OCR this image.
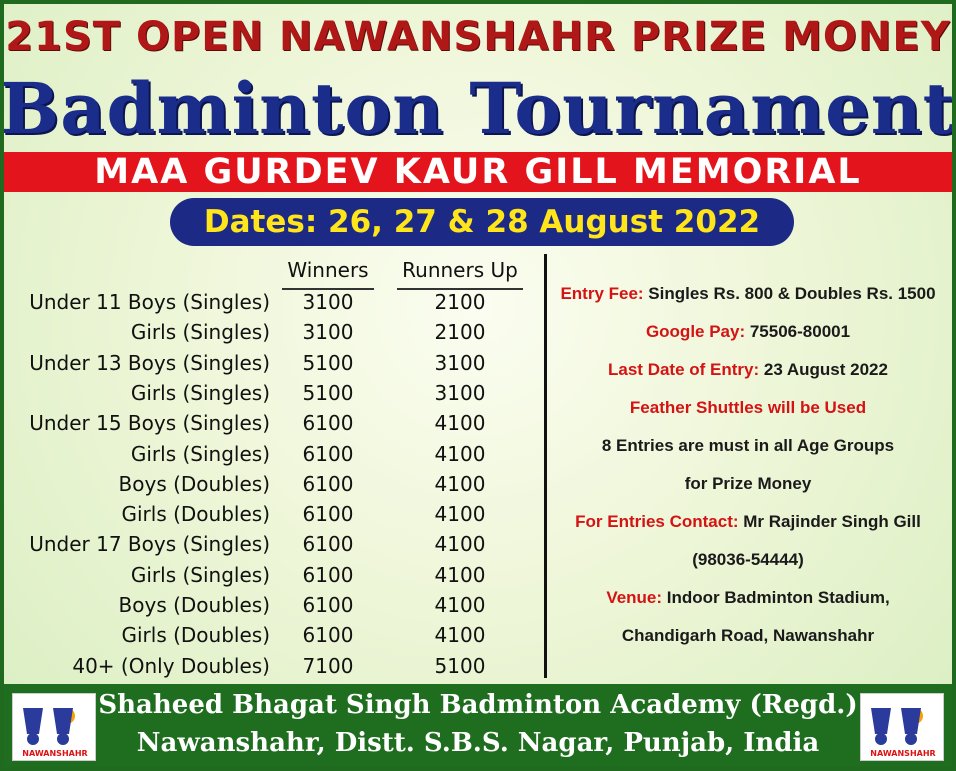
21ST OPEN NAWANSHAHR PRIZE MONEY
Badminton Tournament
MAA GURDEV KAUR GILL MEMORIAL
Dates: 26, 27 & 28 August 2022
Winners	Runners Up
Under 11 Boys (Singles)	3100	2100
Girls (Singles)	3100	2100
Under 13 Boys (Singles)	5100	3100
Girls (Singles)	5100	3100
Under 15 Boys (Singles)	6100	4100
Girls (Singles)	6100	4100
Boys (Doubles)	6100	4100
Girls (Doubles)	6100	4100
Under 17 Boys (Singles)	6100	4100
Girls (Singles)	6100	4100
Boys (Doubles)	6100	4100
Girls (Doubles)	6100	4100
40+ (Only Doubles)	7100	5100
Entry Fee: Singles Rs. 800 & Doubles Rs. 1500
Google Pay: 75506-80001
Last Date of Entry: 23 August 2022
Feather Shuttles will be Used
8 Entries are must in all Age Groups
for Prize Money
For Entries Contact: Mr Rajinder Singh Gill
(98036-54444)
Venue: Indoor Badminton Stadium,
Chandigarh Road, Nawanshahr
Shaheed Bhagat Singh Badminton Academy (Regd.)
Nawanshahr, Distt. S.B.S. Nagar, Punjab, India
NAWANSHAHR	NAWANSHAHR
